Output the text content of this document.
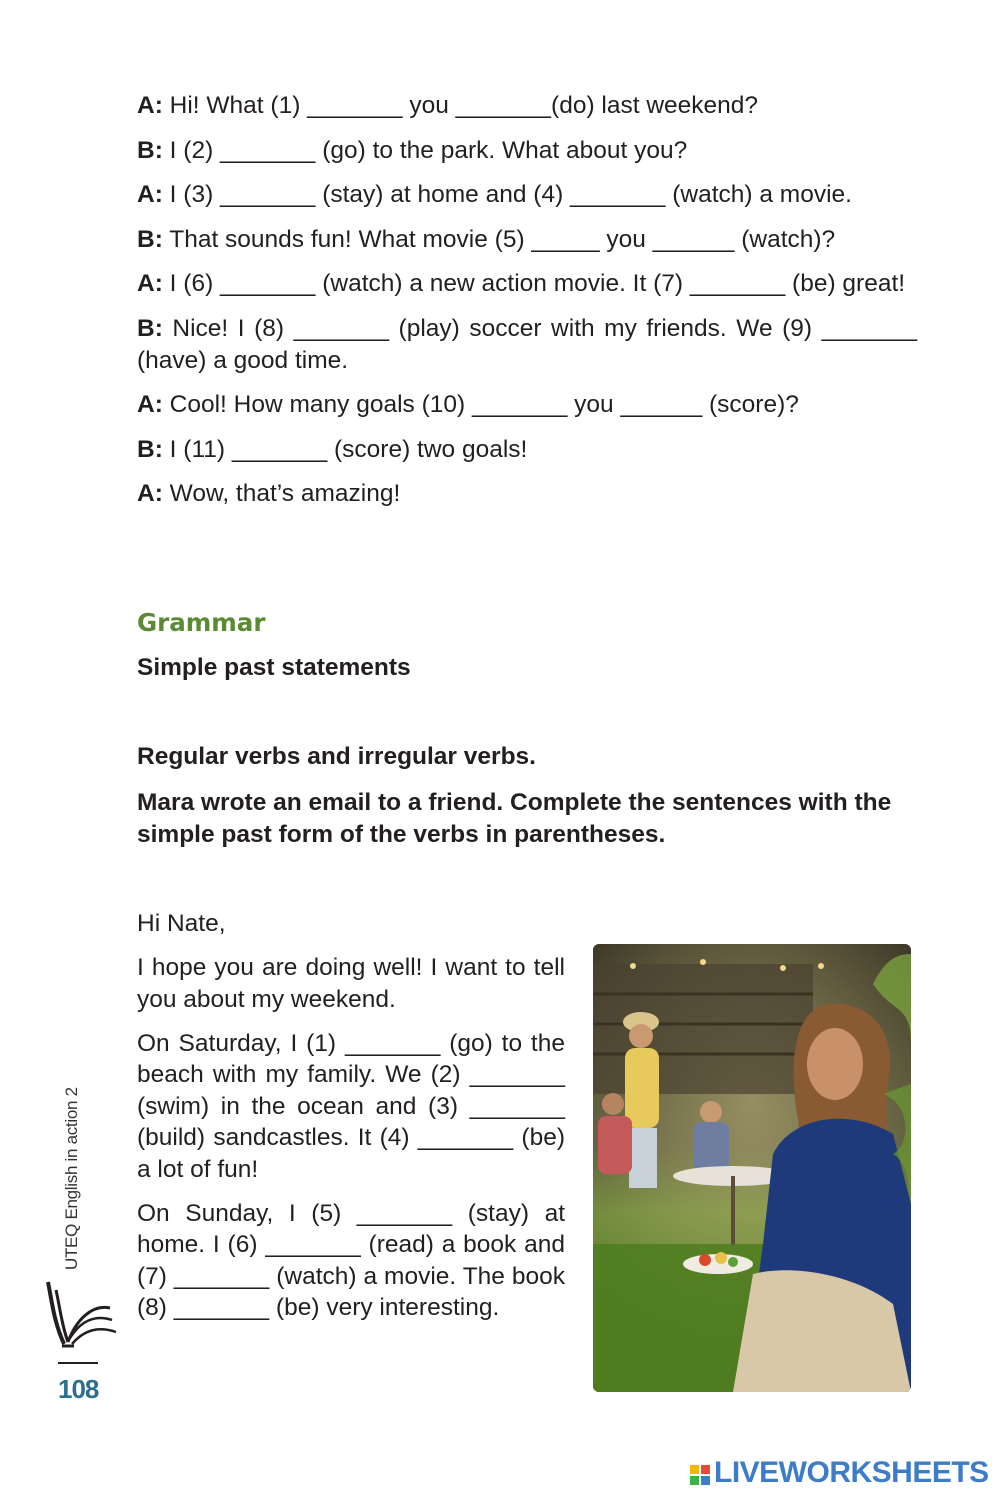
A: Hi! What (1) _______ you _______(do) last weekend?

B: I (2) _______ (go) to the park. What about you?

A: I (3) _______ (stay) at home and (4) _______ (watch) a movie.

B: That sounds fun! What movie (5) _____ you ______ (watch)?

A: I (6) _______ (watch) a new action movie. It (7) _______ (be) great!

B: Nice! I (8) _______ (play) soccer with my friends. We (9) _______ (have) a good time.

A: Cool! How many goals (10) _______ you ______ (score)?

B: I (11) _______ (score) two goals!

A: Wow, that’s amazing!

Grammar

Simple past statements

Regular verbs and irregular verbs.

Mara wrote an email to a friend. Complete the sentences with the simple past form of the verbs in parentheses.

Hi Nate,

I hope you are doing well! I want to tell you about my weekend.

On Saturday, I (1) _______ (go) to the beach with my family. We (2) _______ (swim) in the ocean and (3) _______ (build) sandcastles. It (4) _______ (be) a lot of fun!

On Sunday, I (5) _______ (stay) at home. I (6) _______ (read) a book and (7) _______ (watch) a movie. The book (8) _______ (be) very interesting.

UTEQ English in action 2
108
LIVEWORKSHEETS
